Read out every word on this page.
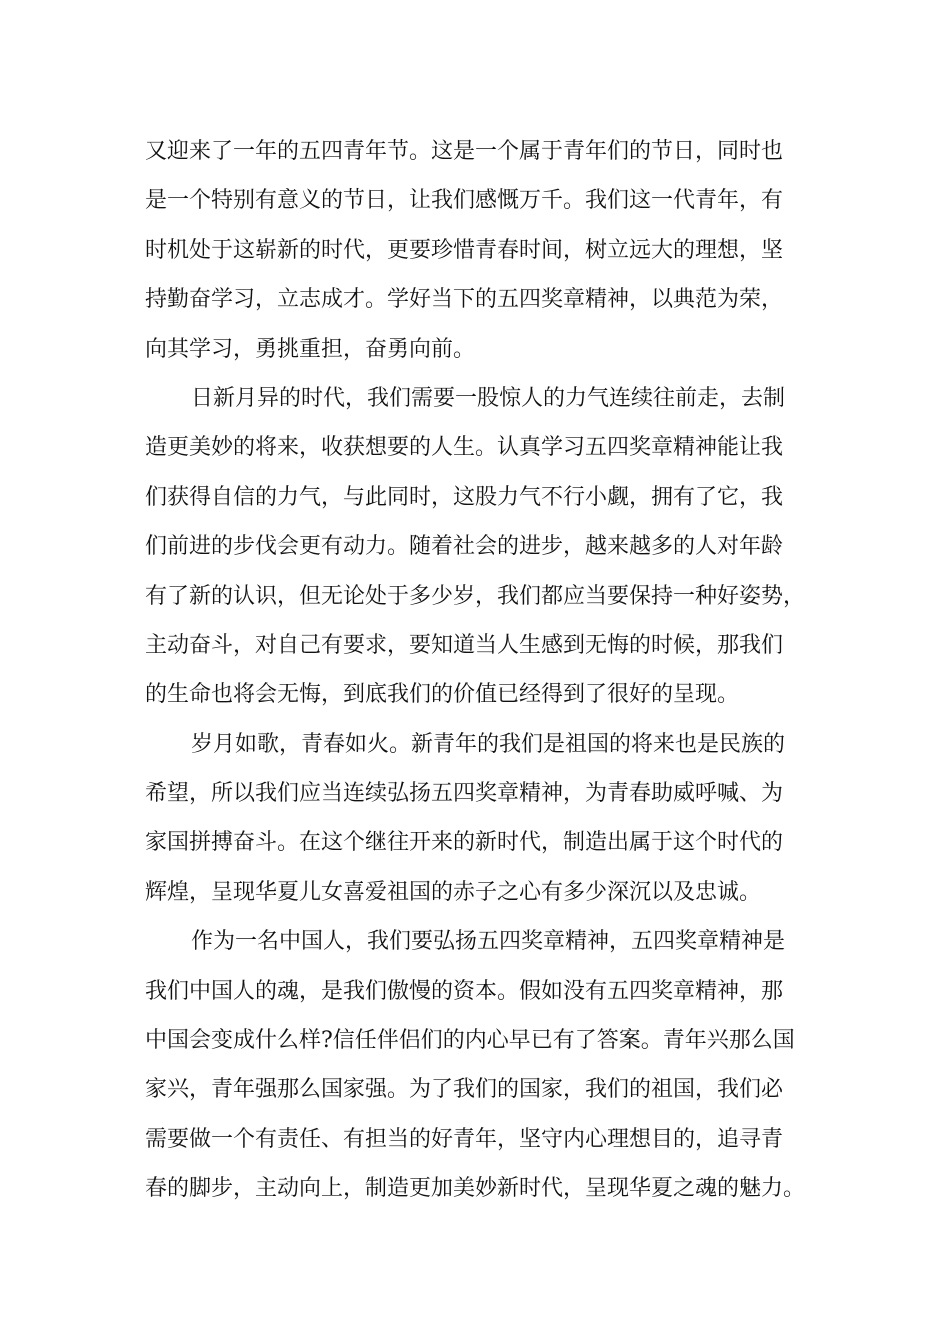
又迎来了一年的五四青年节。这是一个属于青年们的节日，同时也
是一个特别有意义的节日，让我们感慨万千。我们这一代青年，有
时机处于这崭新的时代，更要珍惜青春时间，树立远大的理想，坚
持勤奋学习，立志成才。学好当下的五四奖章精神，以典范为荣，
向其学习，勇挑重担，奋勇向前。
日新月异的时代，我们需要一股惊人的力气连续往前走，去制
造更美妙的将来，收获想要的人生。认真学习五四奖章精神能让我
们获得自信的力气，与此同时，这股力气不行小觑，拥有了它，我
们前进的步伐会更有动力。随着社会的进步，越来越多的人对年龄
有了新的认识，但无论处于多少岁，我们都应当要保持一种好姿势，
主动奋斗，对自己有要求，要知道当人生感到无悔的时候，那我们
的生命也将会无悔，到底我们的价值已经得到了很好的呈现。
岁月如歌，青春如火。新青年的我们是祖国的将来也是民族的
希望，所以我们应当连续弘扬五四奖章精神，为青春助威呼喊、为
家国拼搏奋斗。在这个继往开来的新时代，制造出属于这个时代的
辉煌，呈现华夏儿女喜爱祖国的赤子之心有多少深沉以及忠诚。
作为一名中国人，我们要弘扬五四奖章精神，五四奖章精神是
我们中国人的魂，是我们傲慢的资本。假如没有五四奖章精神，那
中国会变成什么样?信任伴侣们的内心早已有了答案。青年兴那么国
家兴，青年强那么国家强。为了我们的国家，我们的祖国，我们必
需要做一个有责任、有担当的好青年，坚守内心理想目的，追寻青
春的脚步，主动向上，制造更加美妙新时代，呈现华夏之魂的魅力。
